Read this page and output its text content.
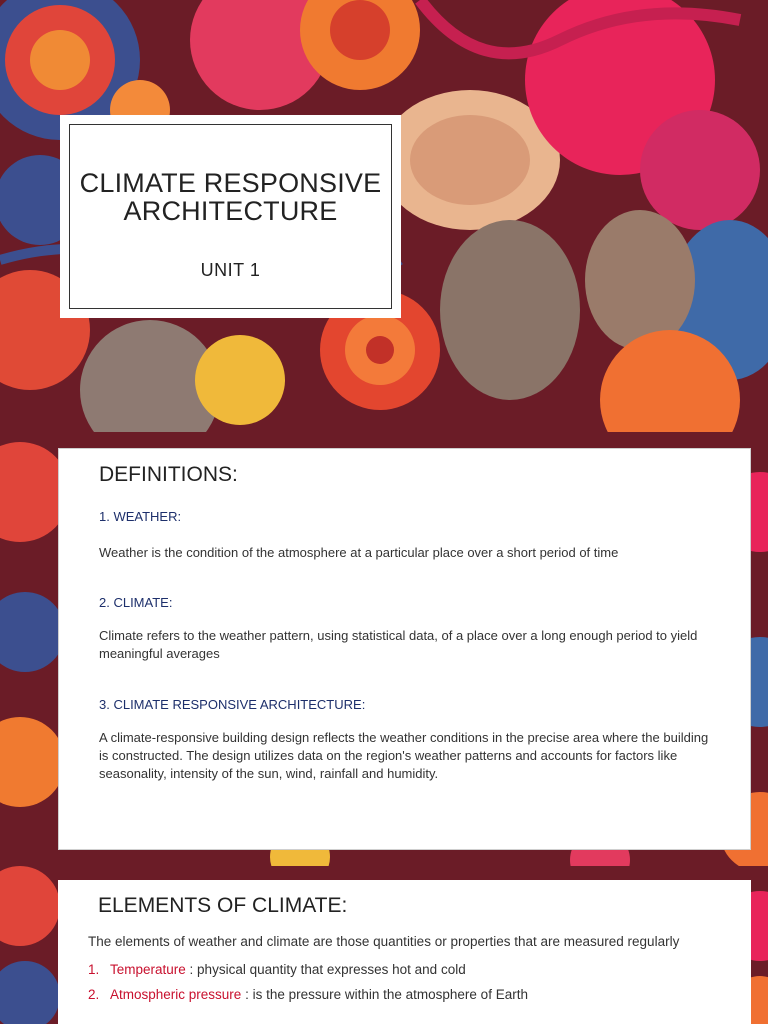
CLIMATE RESPONSIVE ARCHITECTURE
UNIT 1
DEFINITIONS:
1. WEATHER:
Weather is the condition of the atmosphere at a particular place over a short period of time
2. CLIMATE:
Climate refers to the weather pattern, using statistical data, of a place over a long enough period to yield meaningful averages
3. CLIMATE RESPONSIVE ARCHITECTURE:
A climate-responsive building design reflects the weather conditions in the precise area where the building is constructed. The design utilizes data on the region's weather patterns and accounts for factors like seasonality, intensity of the sun, wind, rainfall and humidity.
ELEMENTS OF CLIMATE:

The elements of weather and climate are those quantities or properties that are measured regularly

1. Temperature : physical quantity that expresses hot and cold
2. Atmospheric pressure : is the pressure within the atmosphere of Earth
